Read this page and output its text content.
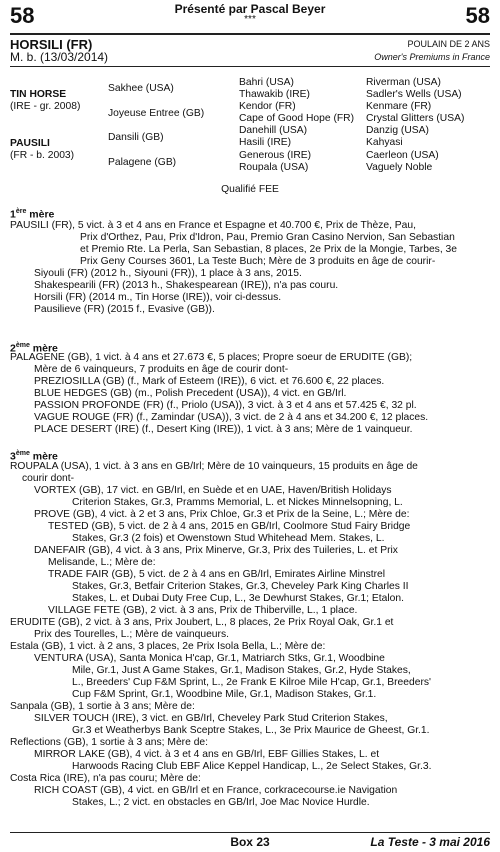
58	58
Présenté par Pascal Beyer
***
HORSILI (FR)
M. b. (13/03/2014)
POULAIN DE 2 ANS
Owner's Premiums in France
TIN HORSE
(IRE - gr. 2008)
PAUSILI
(FR - b. 2003)
Sakhee (USA)
Joyeuse Entree (GB)
Dansili (GB)
Palagene (GB)
Bahri (USA)
Thawakib (IRE)
Kendor (FR)
Cape of Good Hope (FR)
Danehill (USA)
Hasili (IRE)
Generous (IRE)
Roupala (USA)
Riverman (USA)
Sadler's Wells (USA)
Kenmare (FR)
Crystal Glitters (USA)
Danzig (USA)
Kahyasi
Caerleon (USA)
Vaguely Noble
Qualifié FEE
1ère mère

PAUSILI (FR), 5 vict. à 3 et 4 ans en France et Espagne et 40.700 €, Prix de Thèze, Pau,

Prix d'Orthez, Pau, Prix d'Idron, Pau, Premio Gran Casino Nervion, San Sebastian

et Premio Rte. La Perla, San Sebastian, 8 places, 2e Prix de la Mongie, Tarbes, 3e

Prix Geny Courses 3601, La Teste Buch; Mère de 3 produits en âge de courir-

Siyouli (FR) (2012 h., Siyouni (FR)), 1 place à 3 ans, 2015.

Shakespearili (FR) (2013 h., Shakespearean (IRE)), n'a pas couru.

Horsili (FR) (2014 m., Tin Horse (IRE)), voir ci-dessus.

Pausilieve (FR) (2015 f., Evasive (GB)).

2ème mère

PALAGENE (GB), 1 vict. à 4 ans et 27.673 €, 5 places; Propre soeur de ERUDITE (GB);

Mère de 6 vainqueurs, 7 produits en âge de courir dont-

PREZIOSILLA (GB) (f., Mark of Esteem (IRE)), 6 vict. et 76.600 €, 22 places.

BLUE HEDGES (GB) (m., Polish Precedent (USA)), 4 vict. en GB/Irl.

PASSION PROFONDE (FR) (f., Priolo (USA)), 3 vict. à 3 et 4 ans et 57.425 €, 32 pl.

VAGUE ROUGE (FR) (f., Zamindar (USA)), 3 vict. de 2 à 4 ans et 34.200 €, 12 places.

PLACE DESERT (IRE) (f., Desert King (IRE)), 1 vict. à 3 ans; Mère de 1 vainqueur.

3ème mère

ROUPALA (USA), 1 vict. à 3 ans en GB/Irl; Mère de 10 vainqueurs, 15 produits en âge de

courir dont-

VORTEX (GB), 17 vict. en GB/Irl, en Suède et en UAE, Haven/British Holidays

Criterion Stakes, Gr.3, Pramms Memorial, L. et Nickes Minnelsopning, L.

PROVE (GB), 4 vict. à 2 et 3 ans, Prix Chloe, Gr.3 et Prix de la Seine, L.; Mère de:

TESTED (GB), 5 vict. de 2 à 4 ans, 2015 en GB/Irl, Coolmore Stud Fairy Bridge

Stakes, Gr.3 (2 fois) et Owenstown Stud Whitehead Mem. Stakes, L.

DANEFAIR (GB), 4 vict. à 3 ans, Prix Minerve, Gr.3, Prix des Tuileries, L. et Prix

Melisande, L.; Mère de:

TRADE FAIR (GB), 5 vict. de 2 à 4 ans en GB/Irl, Emirates Airline Minstrel

Stakes, Gr.3, Betfair Criterion Stakes, Gr.3, Cheveley Park King Charles II

Stakes, L. et Dubai Duty Free Cup, L., 3e Dewhurst Stakes, Gr.1; Etalon.

VILLAGE FETE (GB), 2 vict. à 3 ans, Prix de Thiberville, L., 1 place.

ERUDITE (GB), 2 vict. à 3 ans, Prix Joubert, L., 8 places, 2e Prix Royal Oak, Gr.1 et

Prix des Tourelles, L.; Mère de vainqueurs.

Estala (GB), 1 vict. à 2 ans, 3 places, 2e Prix Isola Bella, L.; Mère de:

VENTURA (USA), Santa Monica H'cap, Gr.1, Matriarch Stks, Gr.1, Woodbine

Mile, Gr.1, Just A Game Stakes, Gr.1, Madison Stakes, Gr.2, Hyde Stakes,

L., Breeders' Cup F&M Sprint, L., 2e Frank E Kilroe Mile H'cap, Gr.1, Breeders'

Cup F&M Sprint, Gr.1, Woodbine Mile, Gr.1, Madison Stakes, Gr.1.

Sanpala (GB), 1 sortie à 3 ans; Mère de:

SILVER TOUCH (IRE), 3 vict. en GB/Irl, Cheveley Park Stud Criterion Stakes,

Gr.3 et Weatherbys Bank Sceptre Stakes, L., 3e Prix Maurice de Gheest, Gr.1.

Reflections (GB), 1 sortie à 3 ans; Mère de:

MIRROR LAKE (GB), 4 vict. à 3 et 4 ans en GB/Irl, EBF Gillies Stakes, L. et

Harwoods Racing Club EBF Alice Keppel Handicap, L., 2e Select Stakes, Gr.3.

Costa Rica (IRE), n'a pas couru; Mère de:

RICH COAST (GB), 4 vict. en GB/Irl et en France, corkracecourse.ie Navigation

Stakes, L.; 2 vict. en obstacles en GB/Irl, Joe Mac Novice Hurdle.

Box 23	La Teste - 3 mai 2016
